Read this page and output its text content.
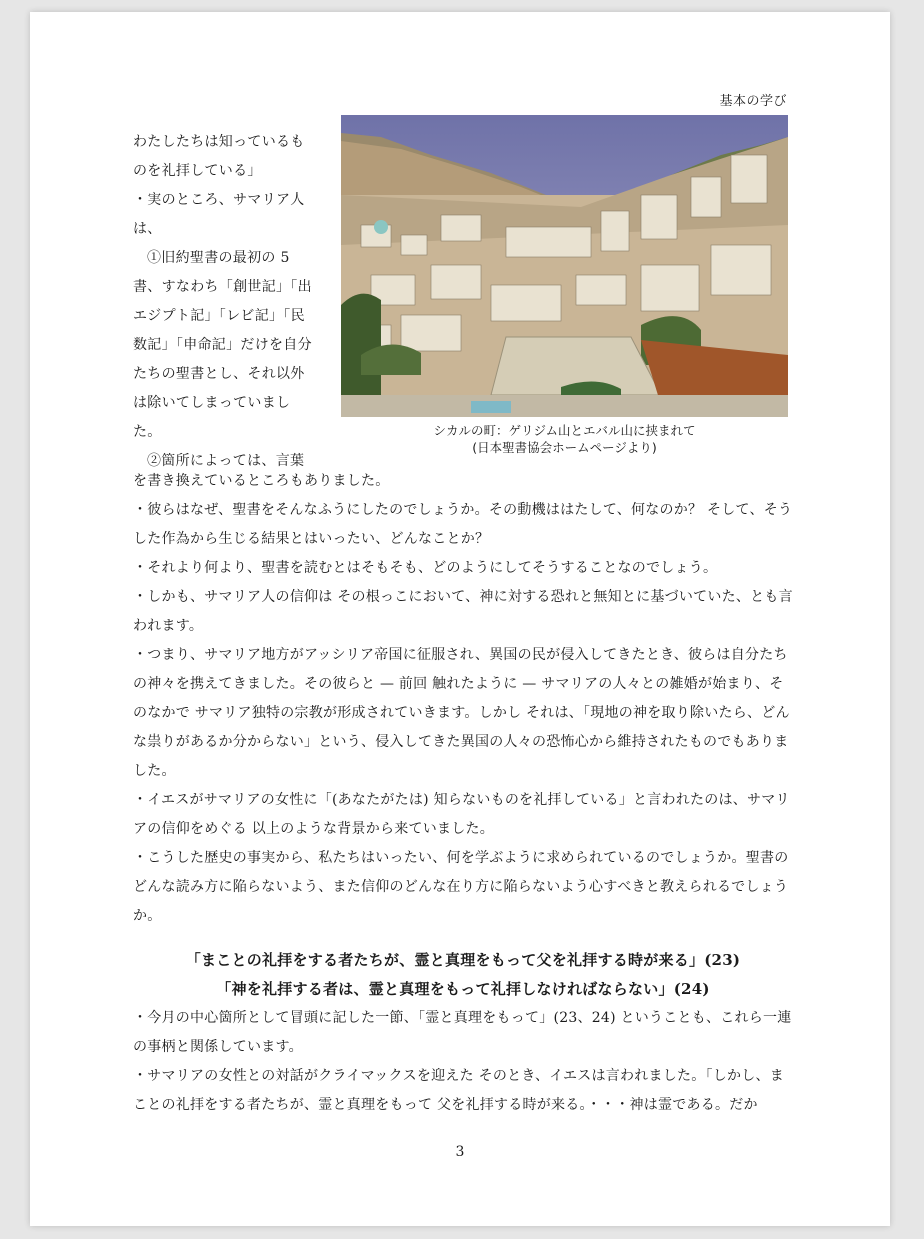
基本の学び

わたしたちは知っているものを礼拝している」

・実のところ、サマリア人は、

①旧約聖書の最初の 5 書、すなわち「創世記」「出エジプト記」「レビ記」「民数記」「申命記」だけを自分たちの聖書とし、それ以外は除いてしまっていました。

②箇所によっては、言葉

シカルの町：ゲリジム山とエバル山に挟まれて
(日本聖書協会ホームページより)

を書き換えているところもありました。

・彼らはなぜ、聖書をそんなふうにしたのでしょうか。その動機ははたして、何なのか？ そして、そうした作為から生じる結果とはいったい、どんなことか？

・それより何より、聖書を読むとはそもそも、どのようにしてそうすることなのでしょう。

・しかも、サマリア人の信仰は その根っこにおいて、神に対する恐れと無知とに基づいていた、とも言われます。

・つまり、サマリア地方がアッシリア帝国に征服され、異国の民が侵入してきたとき、彼らは自分たちの神々を携えてきました。その彼らと — 前回 触れたように — サマリアの人々との雑婚が始まり、そのなかで サマリア独特の宗教が形成されていきます。しかし それは、「現地の神を取り除いたら、どんな祟りがあるか分からない」という、侵入してきた異国の人々の恐怖心から維持されたものでもありました。

・イエスがサマリアの女性に「(あなたがたは) 知らないものを礼拝している」と言われたのは、サマリアの信仰をめぐる 以上のような背景から来ていました。

・こうした歴史の事実から、私たちはいったい、何を学ぶように求められているのでしょうか。聖書のどんな読み方に陥らないよう、また信仰のどんな在り方に陥らないよう心すべきと教えられるでしょうか。

「まことの礼拝をする者たちが、霊と真理をもって父を礼拝する時が来る」(23)
「神を礼拝する者は、霊と真理をもって礼拝しなければならない」(24)

・今月の中心箇所として冒頭に記した一節、「霊と真理をもって」(23、24) ということも、これら一連の事柄と関係しています。

・サマリアの女性との対話がクライマックスを迎えた そのとき、イエスは言われました。「しかし、まことの礼拝をする者たちが、霊と真理をもって 父を礼拝する時が来る。・・・神は霊である。だか

3
